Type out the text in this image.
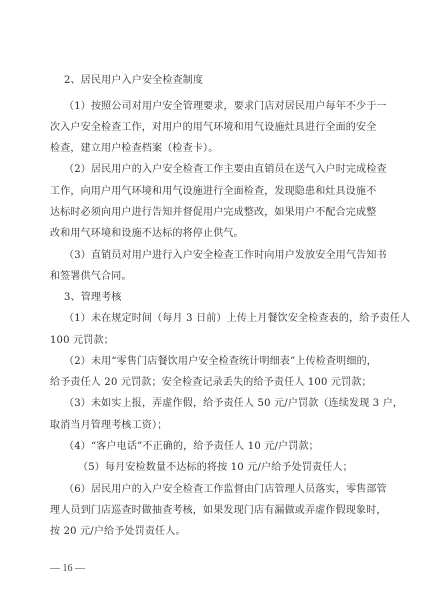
2、居民用户入户安全检查制度
（1）按照公司对用户安全管理要求，要求门店对居民用户每年不少于一
次入户安全检查工作，对用户的用气环境和用气设施灶具进行全面的安全
检查，建立用户检查档案（检查卡）。
（2）居民用户的入户安全检查工作主要由直销员在送气入户时完成检查
工作，向用户用气环境和用气设施进行全面检查，发现隐患和灶具设施不
达标时必须向用户进行告知并督促用户完成整改，如果用户不配合完成整
改和用气环境和设施不达标的将停止供气。
（3）直销员对用户进行入户安全检查工作时向用户发放安全用气告知书
和签署供气合同。
3、管理考核
（1）未在规定时间（每月 3 日前）上传上月餐饮安全检查表的，给予责任人
100 元罚款；
（2）未用“零售门店餐饮用户安全检查统计明细表”上传检查明细的，
给予责任人 20 元罚款；安全检查记录丢失的给予责任人 100 元罚款；
（3）未如实上报，弄虚作假，给予责任人 50 元/户罚款（连续发现 3 户，
取消当月管理考核工资）；
（4）“客户电话”不正确的，给予责任人 10 元/户罚款；
（5）每月安检数量不达标的将按 10 元/户给予处罚责任人；
（6）居民用户的入户安全检查工作监督由门店管理人员落实，零售部管
理人员到门店巡查时做抽查考核，如果发现门店有漏做或弄虚作假现象时，
按 20 元/户给予处罚责任人。
— 16 —
